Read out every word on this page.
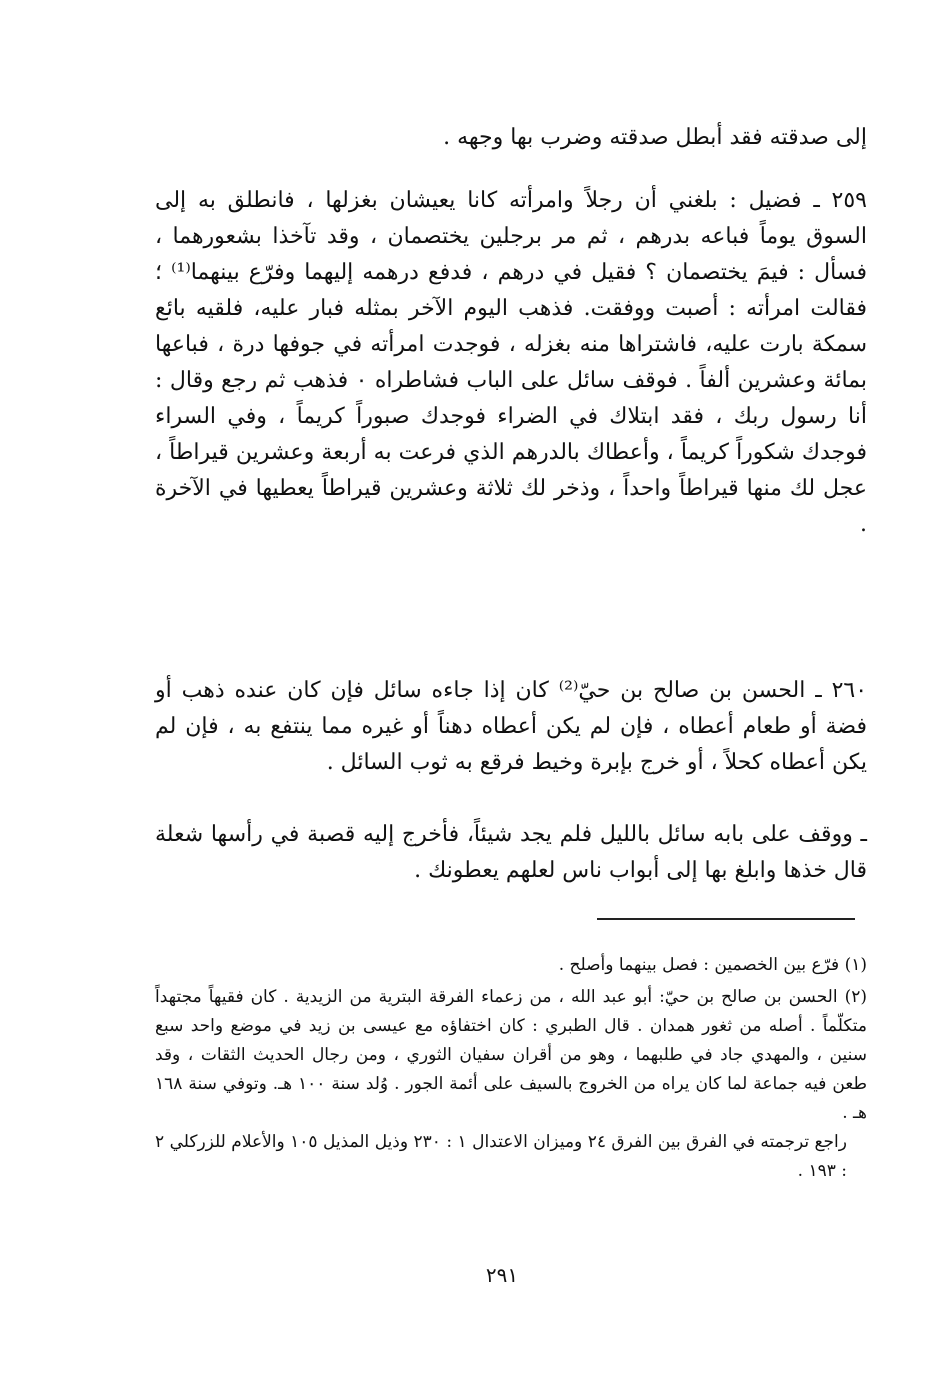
إلى صدقته فقد أبطل صدقته وضرب بها وجهه .

٢٥٩ ـ فضيل : بلغني أن رجلاً وامرأته كانا يعيشان بغزلها ، فانطلق به إلى السوق يوماً فباعه بدرهم ، ثم مر برجلين يختصمان ، وقد تآخذا بشعورهما ، فسأل : فيمَ يختصمان ؟ فقيل في درهم ، فدفع درهمه إليهما وفرّع بينهما⁽¹⁾ ؛ فقالت امرأته : أصبت ووفقت. فذهب اليوم الآخر بمثله فبار عليه، فلقيه بائع سمكة بارت عليه، فاشتراها منه بغزله ، فوجدت امرأته في جوفها درة ، فباعها بمائة وعشرين ألفاً . فوقف سائل على الباب فشاطراه ٠ فذهب ثم رجع وقال : أنا رسول ربك ، فقد ابتلاك في الضراء فوجدك صبوراً كريماً ، وفي السراء فوجدك شكوراً كريماً ، وأعطاك بالدرهم الذي فرعت به أربعة وعشرين قيراطاً ، عجل لك منها قيراطاً واحداً ، وذخر لك ثلاثة وعشرين قيراطاً يعطيها في الآخرة .

٢٦٠ ـ الحسن بن صالح بن حيّ⁽²⁾ كان إذا جاءه سائل فإن كان عنده ذهب أو فضة أو طعام أعطاه ، فإن لم يكن أعطاه دهناً أو غيره مما ينتفع به ، فإن لم يكن أعطاه كحلاً ، أو خرج بإبرة وخيط فرقع به ثوب السائل .

ـ ووقف على بابه سائل بالليل فلم يجد شيئاً، فأخرج إليه قصبة في رأسها شعلة قال خذها وابلغ بها إلى أبواب ناس لعلهم يعطونك .

(١) فرّع بين الخصمين : فصل بينهما وأصلح .

(٢) الحسن بن صالح بن حيّ: أبو عبد الله ، من زعماء الفرقة البترية من الزيدية . كان فقيهاً مجتهداً متكلّماً . أصله من ثغور همدان . قال الطبري : كان اختفاؤه مع عيسى بن زيد في موضع واحد سبع سنين ، والمهدي جاد في طلبهما ، وهو من أقران سفيان الثوري ، ومن رجال الحديث الثقات ، وقد طعن فيه جماعة لما كان يراه من الخروج بالسيف على أئمة الجور . وُلد سنة ١٠٠ هـ. وتوفي سنة ١٦٨ هـ .

راجع ترجمته في الفرق بين الفرق ٢٤ وميزان الاعتدال ١ : ٢٣٠ وذيل المذيل ١٠٥ والأعلام للزركلي ٢ : ١٩٣ .

٢٩١
